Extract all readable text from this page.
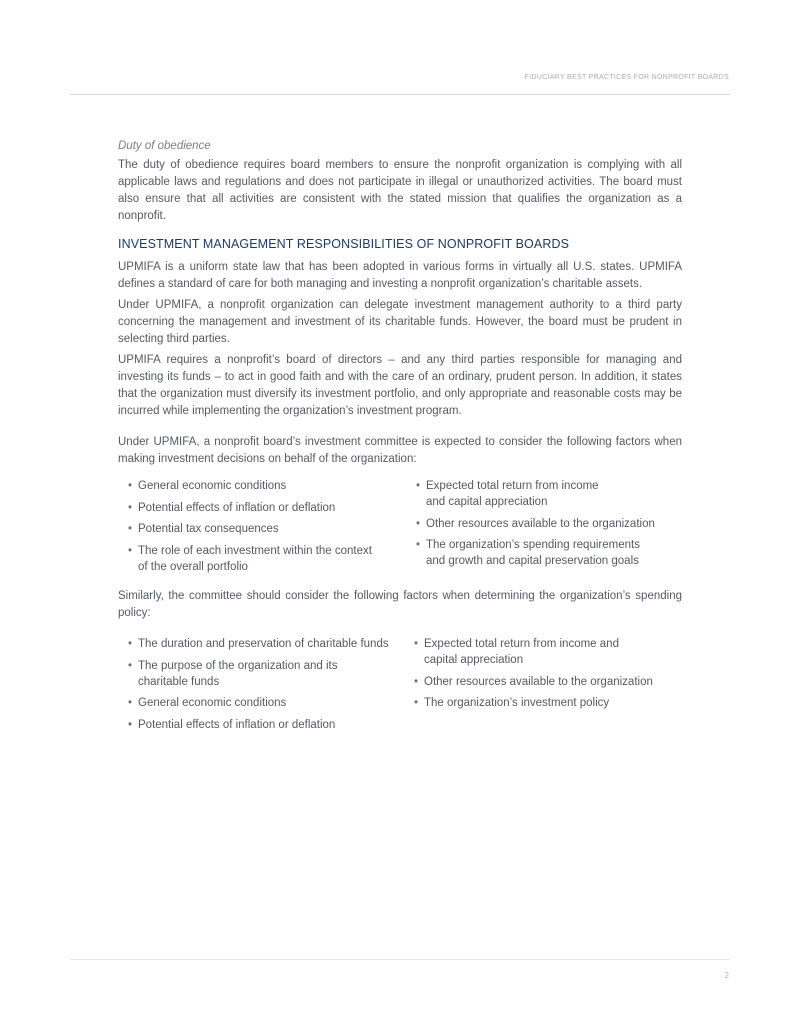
FIDUCIARY BEST PRACTICES FOR NONPROFIT BOARDS
Duty of obedience

The duty of obedience requires board members to ensure the nonprofit organization is complying with all applicable laws and regulations and does not participate in illegal or unauthorized activities. The board must also ensure that all activities are consistent with the stated mission that qualifies the organization as a nonprofit.

INVESTMENT MANAGEMENT RESPONSIBILITIES OF NONPROFIT BOARDS

UPMIFA is a uniform state law that has been adopted in various forms in virtually all U.S. states. UPMIFA defines a standard of care for both managing and investing a nonprofit organization’s charitable assets.

Under UPMIFA, a nonprofit organization can delegate investment management authority to a third party concerning the management and investment of its charitable funds. However, the board must be prudent in selecting third parties.

UPMIFA requires a nonprofit’s board of directors – and any third parties responsible for managing and investing its funds – to act in good faith and with the care of an ordinary, prudent person. In addition, it states that the organization must diversify its investment portfolio, and only appropriate and reasonable costs may be incurred while implementing the organization’s investment program.

Under UPMIFA, a nonprofit board’s investment committee is expected to consider the following factors when making investment decisions on behalf of the organization:

• General economic conditions
• Potential effects of inflation or deflation
• Potential tax consequences
• The role of each investment within the context of the overall portfolio
• Expected total return from income and capital appreciation
• Other resources available to the organization
• The organization’s spending requirements and growth and capital preservation goals

Similarly, the committee should consider the following factors when determining the organization’s spending policy:

• The duration and preservation of charitable funds
• The purpose of the organization and its charitable funds
• General economic conditions
• Potential effects of inflation or deflation
• Expected total return from income and capital appreciation
• Other resources available to the organization
• The organization’s investment policy
2
